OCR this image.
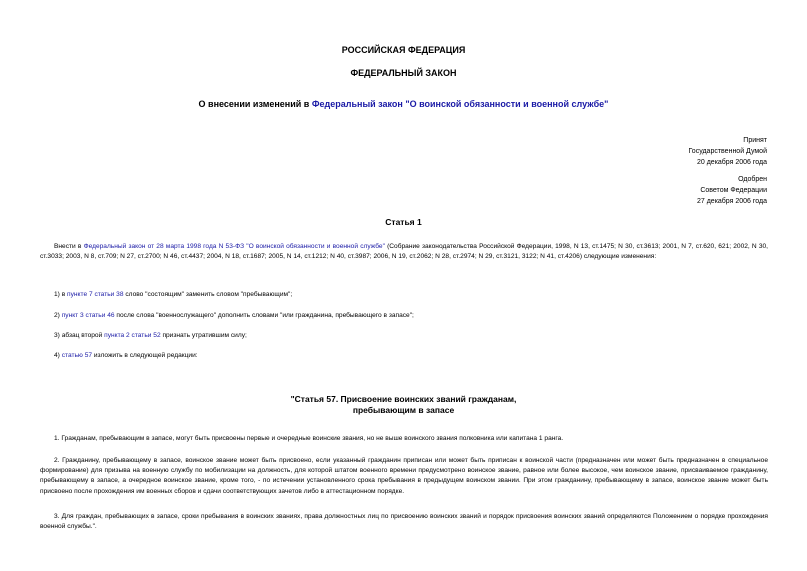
РОССИЙСКАЯ ФЕДЕРАЦИЯ
ФЕДЕРАЛЬНЫЙ ЗАКОН
О внесении изменений в Федеральный закон "О воинской обязанности и военной службе"
Принят
Государственной Думой
20 декабря 2006 года
Одобрен
Советом Федерации
27 декабря 2006 года
Статья 1
Внести в Федеральный закон от 28 марта 1998 года N 53-ФЗ "О воинской обязанности и военной службе" (Собрание законодательства Российской Федерации, 1998, N 13, ст.1475; N 30, ст.3613; 2001, N 7, ст.620, 621; 2002, N 30, ст.3033; 2003, N 8, ст.709; N 27, ст.2700; N 46, ст.4437; 2004, N 18, ст.1687; 2005, N 14, ст.1212; N 40, ст.3987; 2006, N 19, ст.2062; N 28, ст.2974; N 29, ст.3121, 3122; N 41, ст.4206) следующие изменения:
1) в пункте 7 статьи 38 слово "состоящим" заменить словом "пребывающим";
2) пункт 3 статьи 46 после слова "военнослужащего" дополнить словами "или гражданина, пребывающего в запасе";
3) абзац второй пункта 2 статьи 52 признать утратившим силу;
4) статью 57 изложить в следующей редакции:
"Статья 57. Присвоение воинских званий гражданам,
пребывающим в запасе
1. Гражданам, пребывающим в запасе, могут быть присвоены первые и очередные воинские звания, но не выше воинского звания полковника или капитана 1 ранга.
2. Гражданину, пребывающему в запасе, воинское звание может быть присвоено, если указанный гражданин приписан или может быть приписан к воинской части (предназначен или может быть предназначен в специальное формирование) для призыва на военную службу по мобилизации на должность, для которой штатом военного времени предусмотрено воинское звание, равное или более высокое, чем воинское звание, присваиваемое гражданину, пребывающему в запасе, а очередное воинское звание, кроме того, - по истечении установленного срока пребывания в предыдущем воинском звании. При этом гражданину, пребывающему в запасе, воинское звание может быть присвоено после прохождения им военных сборов и сдачи соответствующих зачетов либо в аттестационном порядке.
3. Для граждан, пребывающих в запасе, сроки пребывания в воинских званиях, права должностных лиц по присвоению воинских званий и порядок присвоения воинских званий определяются Положением о порядке прохождения военной службы.".
